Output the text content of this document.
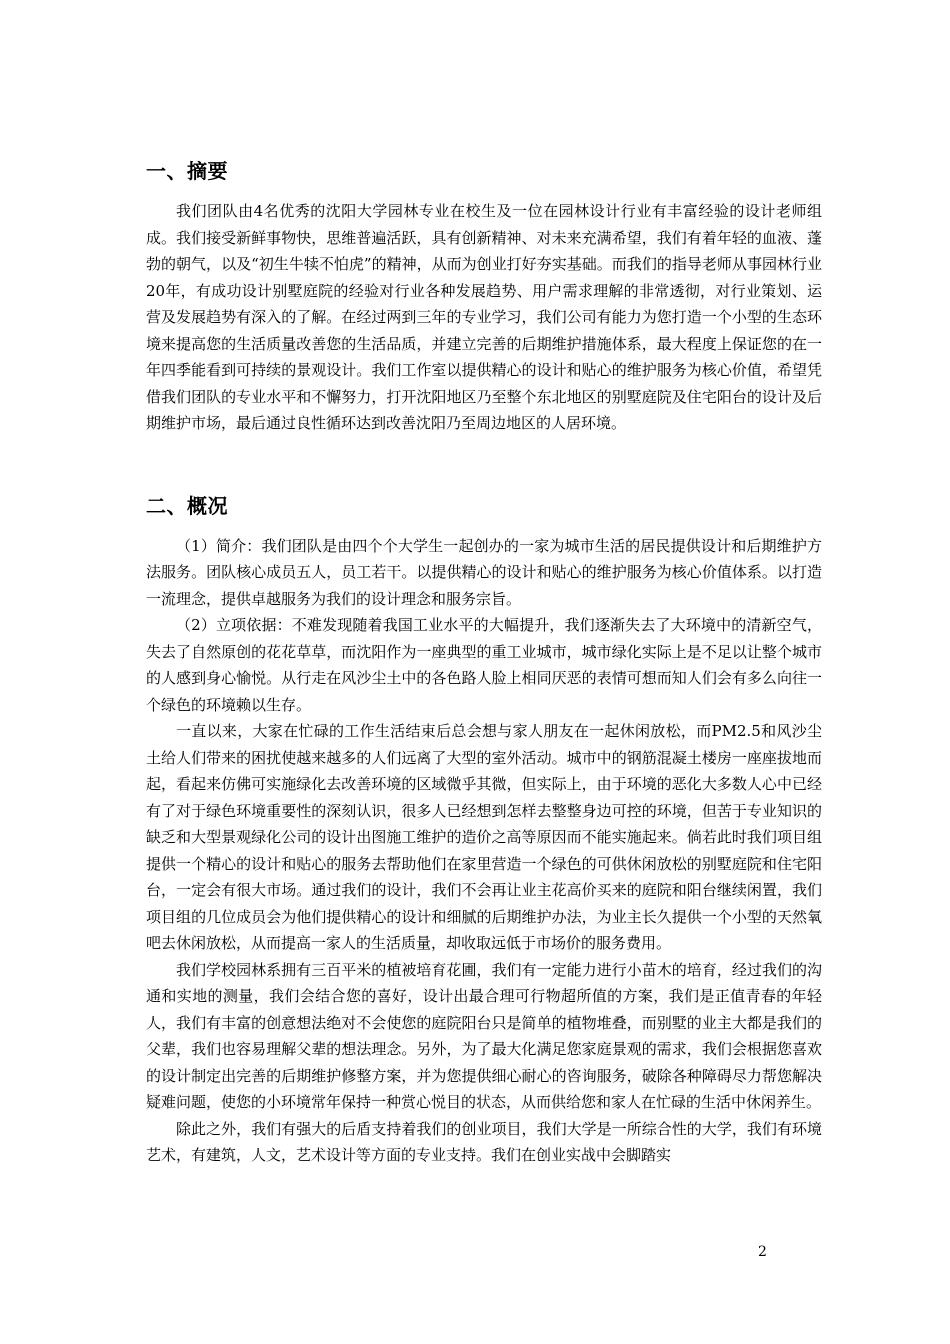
一、摘要

我们团队由4名优秀的沈阳大学园林专业在校生及一位在园林设计行业有丰富经验的设计老师组成。我们接受新鲜事物快，思维普遍活跃，具有创新精神、对未来充满希望，我们有着年轻的血液、蓬勃的朝气，以及“初生牛犊不怕虎”的精神，从而为创业打好夯实基础。而我们的指导老师从事园林行业20年，有成功设计别墅庭院的经验对行业各种发展趋势、用户需求理解的非常透彻，对行业策划、运营及发展趋势有深入的了解。在经过两到三年的专业学习，我们公司有能力为您打造一个小型的生态环境来提高您的生活质量改善您的生活品质，并建立完善的后期维护措施体系，最大程度上保证您的在一年四季能看到可持续的景观设计。我们工作室以提供精心的设计和贴心的维护服务为核心价值，希望凭借我们团队的专业水平和不懈努力，打开沈阳地区乃至整个东北地区的别墅庭院及住宅阳台的设计及后期维护市场，最后通过良性循环达到改善沈阳乃至周边地区的人居环境。

二、概况

（1）简介：我们团队是由四个个大学生一起创办的一家为城市生活的居民提供设计和后期维护方法服务。团队核心成员五人，员工若干。以提供精心的设计和贴心的维护服务为核心价值体系。以打造一流理念，提供卓越服务为我们的设计理念和服务宗旨。

（2）立项依据：不难发现随着我国工业水平的大幅提升，我们逐渐失去了大环境中的清新空气，失去了自然原创的花花草草，而沈阳作为一座典型的重工业城市，城市绿化实际上是不足以让整个城市的人感到身心愉悦。从行走在风沙尘土中的各色路人脸上相同厌恶的表情可想而知人们会有多么向往一个绿色的环境赖以生存。

一直以来，大家在忙碌的工作生活结束后总会想与家人朋友在一起休闲放松，而PM2.5和风沙尘土给人们带来的困扰使越来越多的人们远离了大型的室外活动。城市中的钢筋混凝土楼房一座座拔地而起，看起来仿佛可实施绿化去改善环境的区域微乎其微，但实际上，由于环境的恶化大多数人心中已经有了对于绿色环境重要性的深刻认识，很多人已经想到怎样去整整身边可控的环境，但苦于专业知识的缺乏和大型景观绿化公司的设计出图施工维护的造价之高等原因而不能实施起来。倘若此时我们项目组提供一个精心的设计和贴心的服务去帮助他们在家里营造一个绿色的可供休闲放松的别墅庭院和住宅阳台，一定会有很大市场。通过我们的设计，我们不会再让业主花高价买来的庭院和阳台继续闲置，我们项目组的几位成员会为他们提供精心的设计和细腻的后期维护办法，为业主长久提供一个小型的天然氧吧去休闲放松，从而提高一家人的生活质量，却收取远低于市场价的服务费用。

我们学校园林系拥有三百平米的植被培育花圃，我们有一定能力进行小苗木的培育，经过我们的沟通和实地的测量，我们会结合您的喜好，设计出最合理可行物超所值的方案，我们是正值青春的年轻人，我们有丰富的创意想法绝对不会使您的庭院阳台只是简单的植物堆叠，而别墅的业主大都是我们的父辈，我们也容易理解父辈的想法理念。另外，为了最大化满足您家庭景观的需求，我们会根据您喜欢的设计制定出完善的后期维护修整方案，并为您提供细心耐心的咨询服务，破除各种障碍尽力帮您解决疑难问题，使您的小环境常年保持一种赏心悦目的状态，从而供给您和家人在忙碌的生活中休闲养生。

除此之外，我们有强大的后盾支持着我们的创业项目，我们大学是一所综合性的大学，我们有环境艺术，有建筑，人文，艺术设计等方面的专业支持。我们在创业实战中会脚踏实

2
